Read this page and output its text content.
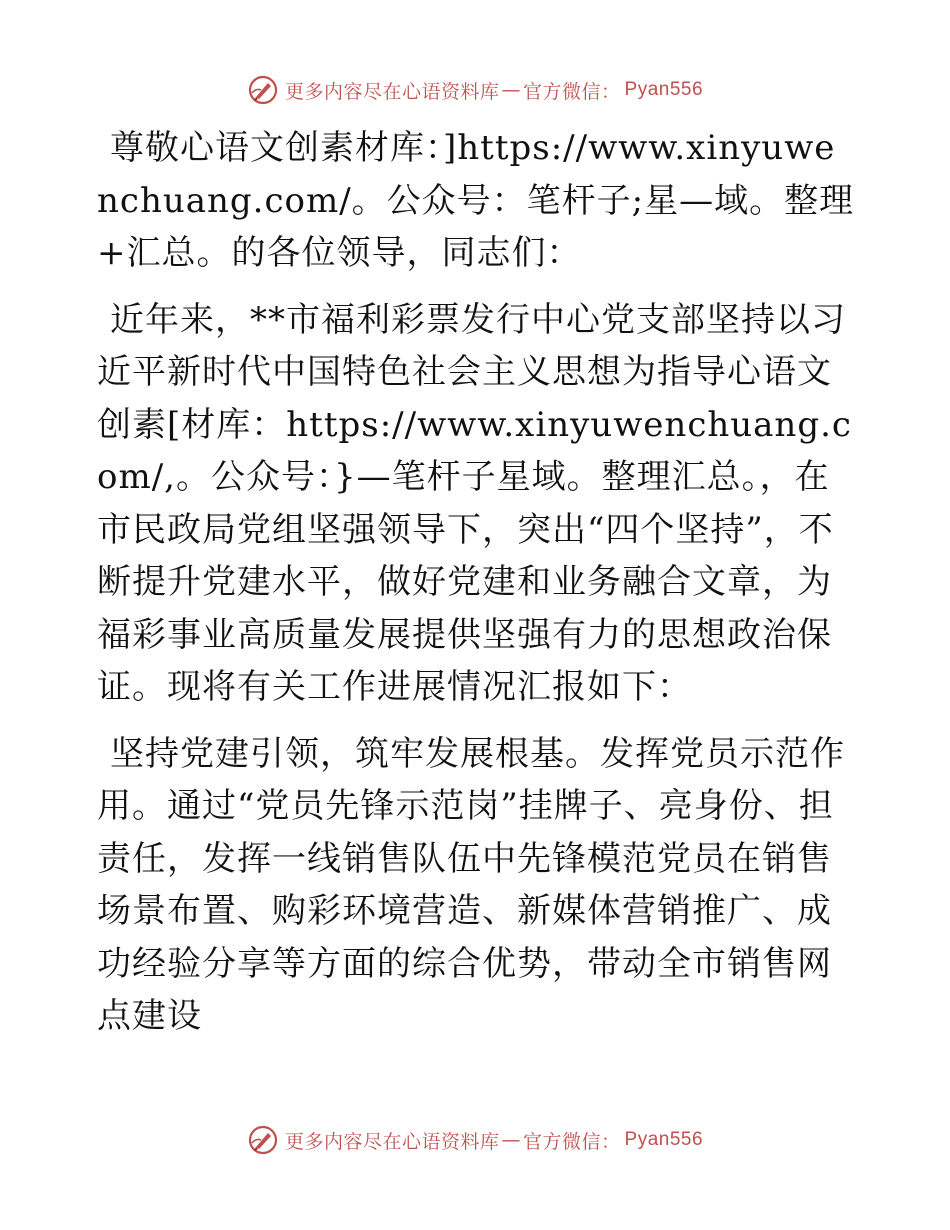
更多内容尽在心语资料库 — 官方微信 ： Pyan556

尊敬心语文创素材库：]https://www.xinyuwenchuang.com/。公众号：笔杆子;星—域。整理+汇总。的各位领导，同志们：

近年来，**市福利彩票发行中心党支部坚持以习近平新时代中国特色社会主义思想为指导心语文创素[材库：https://www.xinyuwenchuang.com/,。公众号：}—笔杆子星域。整理汇总。，在市民政局党组坚强领导下，突出“四个坚持”，不断提升党建水平，做好党建和业务融合文章，为福彩事业高质量发展提供坚强有力的思想政治保证。现将有关工作进展情况汇报如下：

坚持党建引领，筑牢发展根基。发挥党员示范作用。通过“党员先锋示范岗”挂牌子、亮身份、担责任，发挥一线销售队伍中先锋模范党员在销售场景布置、购彩环境营造、新媒体营销推广、成功经验分享等方面的综合优势，带动全市销售网点建设

更多内容尽在心语资料库 — 官方微信 ： Pyan556
